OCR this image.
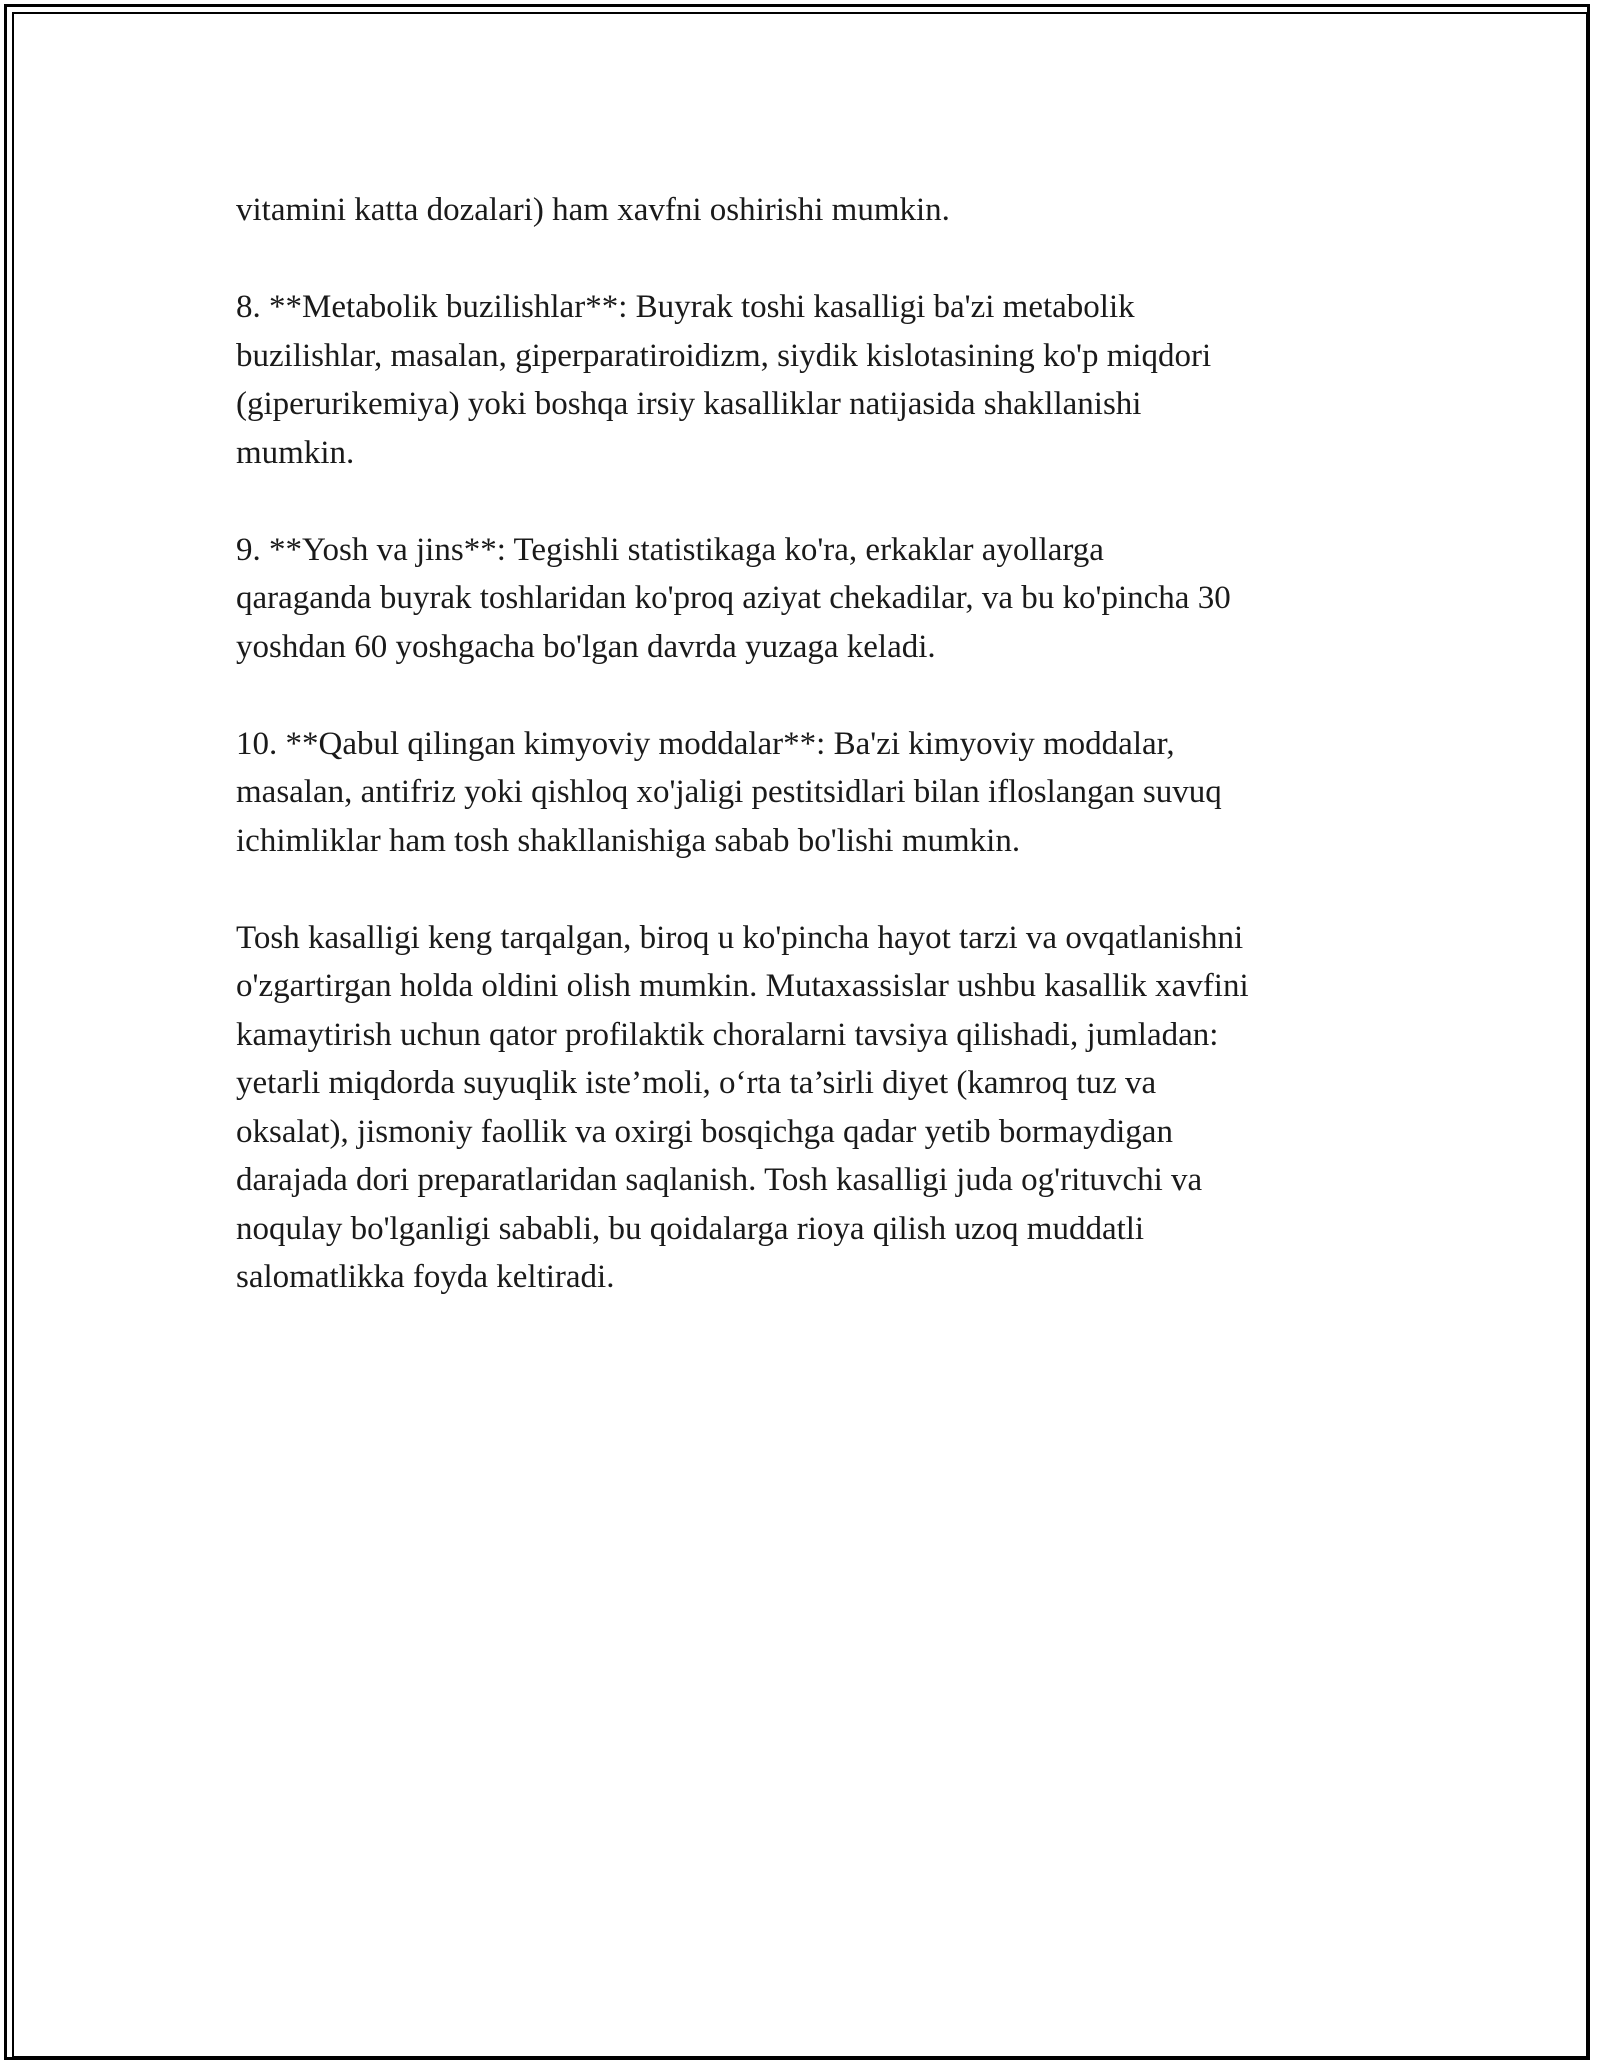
vitamini katta dozalari) ham xavfni oshirishi mumkin.

8. **Metabolik buzilishlar**: Buyrak toshi kasalligi ba'zi metabolik
buzilishlar, masalan, giperparatiroidizm, siydik kislotasining ko'p miqdori
(giperurikemiya) yoki boshqa irsiy kasalliklar natijasida shakllanishi
mumkin.

9. **Yosh va jins**: Tegishli statistikaga ko'ra, erkaklar ayollarga
qaraganda buyrak toshlaridan ko'proq aziyat chekadilar, va bu ko'pincha 30
yoshdan 60 yoshgacha bo'lgan davrda yuzaga keladi.

10. **Qabul qilingan kimyoviy moddalar**: Ba'zi kimyoviy moddalar,
masalan, antifriz yoki qishloq xo'jaligi pestitsidlari bilan ifloslangan suvuq
ichimliklar ham tosh shakllanishiga sabab bo'lishi mumkin.

Tosh kasalligi keng tarqalgan, biroq u ko'pincha hayot tarzi va ovqatlanishni
o'zgartirgan holda oldini olish mumkin. Mutaxassislar ushbu kasallik xavfini
kamaytirish uchun qator profilaktik choralarni tavsiya qilishadi, jumladan:
yetarli miqdorda suyuqlik iste’moli, o‘rta ta’sirli diyet (kamroq tuz va
oksalat), jismoniy faollik va oxirgi bosqichga qadar yetib bormaydigan
darajada dori preparatlaridan saqlanish. Tosh kasalligi juda og'rituvchi va
noqulay bo'lganligi sababli, bu qoidalarga rioya qilish uzoq muddatli
salomatlikka foyda keltiradi.
